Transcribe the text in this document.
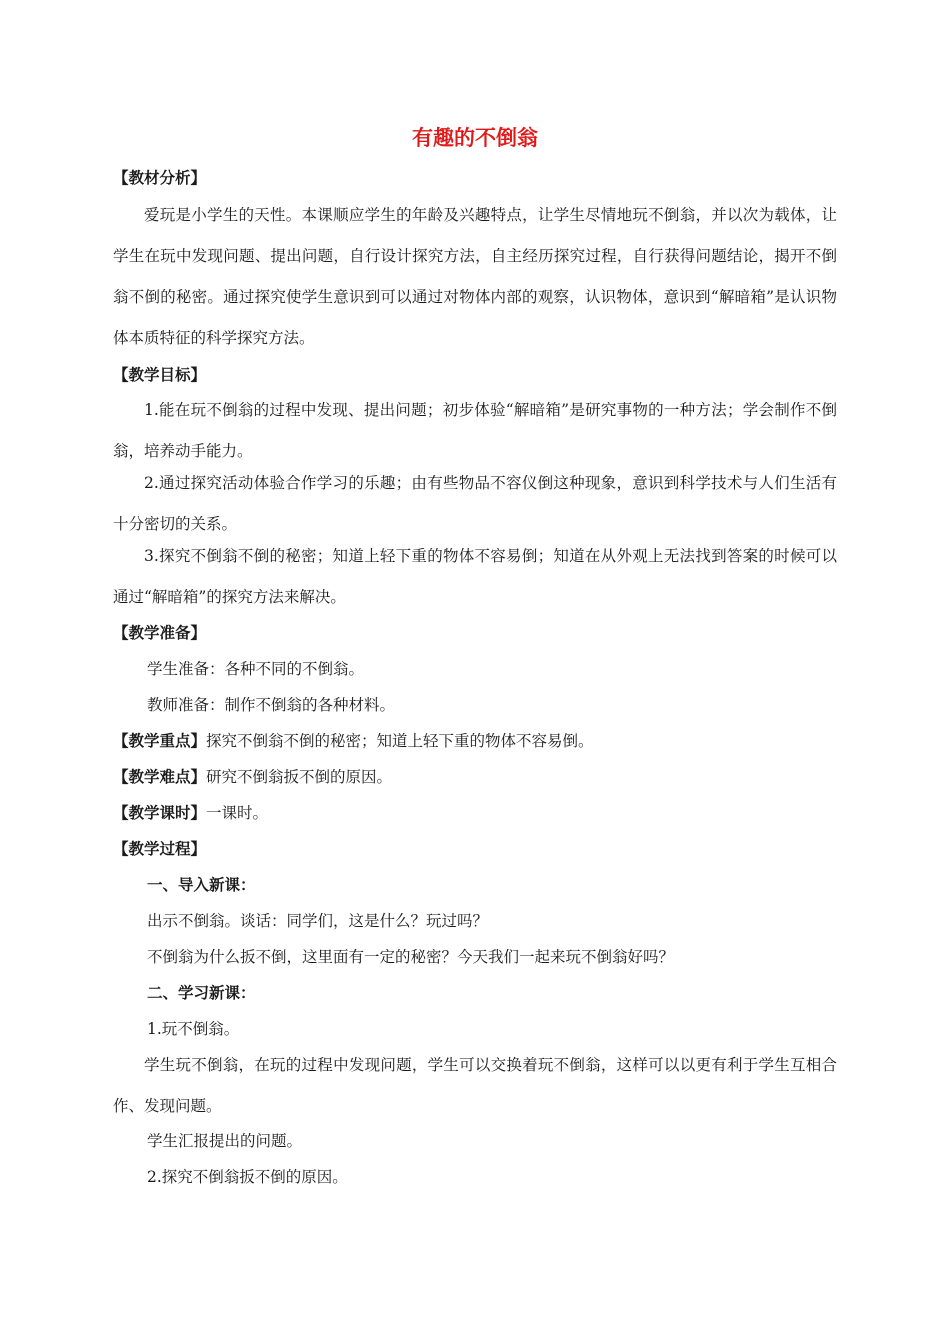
有趣的不倒翁
【教材分析】
爱玩是小学生的天性。本课顺应学生的年龄及兴趣特点，让学生尽情地玩不倒翁，并以次为载体，让学生在玩中发现问题、提出问题，自行设计探究方法，自主经历探究过程，自行获得问题结论，揭开不倒翁不倒的秘密。通过探究使学生意识到可以通过对物体内部的观察，认识物体，意识到“解暗箱”是认识物体本质特征的科学探究方法。
【教学目标】
1.能在玩不倒翁的过程中发现、提出问题；初步体验“解暗箱”是研究事物的一种方法；学会制作不倒翁，培养动手能力。
2.通过探究活动体验合作学习的乐趣；由有些物品不容仪倒这种现象，意识到科学技术与人们生活有十分密切的关系。
3.探究不倒翁不倒的秘密；知道上轻下重的物体不容易倒；知道在从外观上无法找到答案的时候可以通过“解暗箱”的探究方法来解决。
【教学准备】
学生准备：各种不同的不倒翁。
教师准备：制作不倒翁的各种材料。
【教学重点】探究不倒翁不倒的秘密；知道上轻下重的物体不容易倒。
【教学难点】研究不倒翁扳不倒的原因。
【教学课时】一课时。
【教学过程】
一、导入新课：
出示不倒翁。谈话：同学们，这是什么？玩过吗？
不倒翁为什么扳不倒，这里面有一定的秘密？今天我们一起来玩不倒翁好吗？
二、学习新课：
1.玩不倒翁。
学生玩不倒翁，在玩的过程中发现问题，学生可以交换着玩不倒翁，这样可以以更有利于学生互相合作、发现问题。
学生汇报提出的问题。
2.探究不倒翁扳不倒的原因。
